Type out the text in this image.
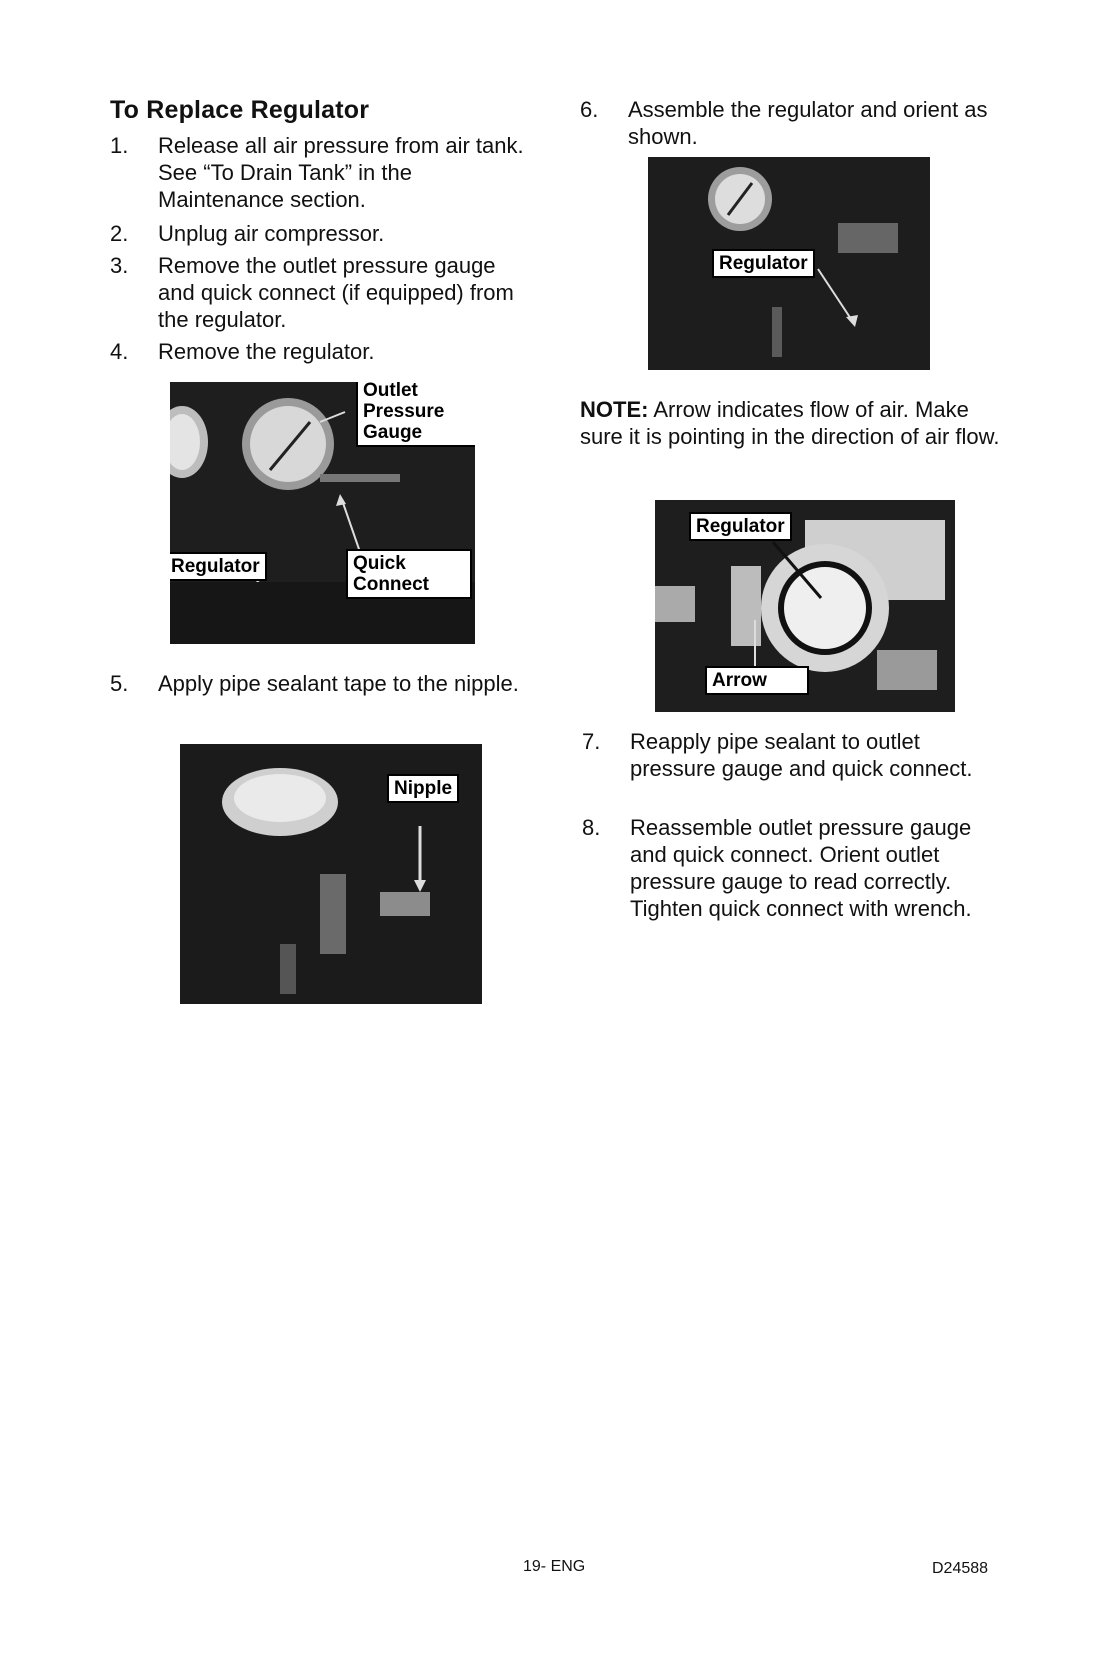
To Replace Regulator
1.	Release all air pressure from air tank. See “To Drain Tank” in the Maintenance section.
2.	Unplug air compressor.
3.	Remove the outlet pressure gauge and quick connect (if equipped) from the regulator.
4.	Remove the regulator.
Outlet
Pressure
Gauge
Regulator	Quick
Connect
5.	Apply pipe sealant tape to the nipple.
Nipple
6.	Assemble the regulator and orient as shown.
Regulator
NOTE: Arrow indicates flow of air. Make sure it is pointing in the direction of air flow.
Regulator
Arrow
7.	Reapply pipe sealant to outlet pressure gauge and quick connect.
8.	Reassemble outlet pressure gauge and quick connect. Orient outlet pressure gauge to read correctly. Tighten quick connect with wrench.
19- ENG	D24588
